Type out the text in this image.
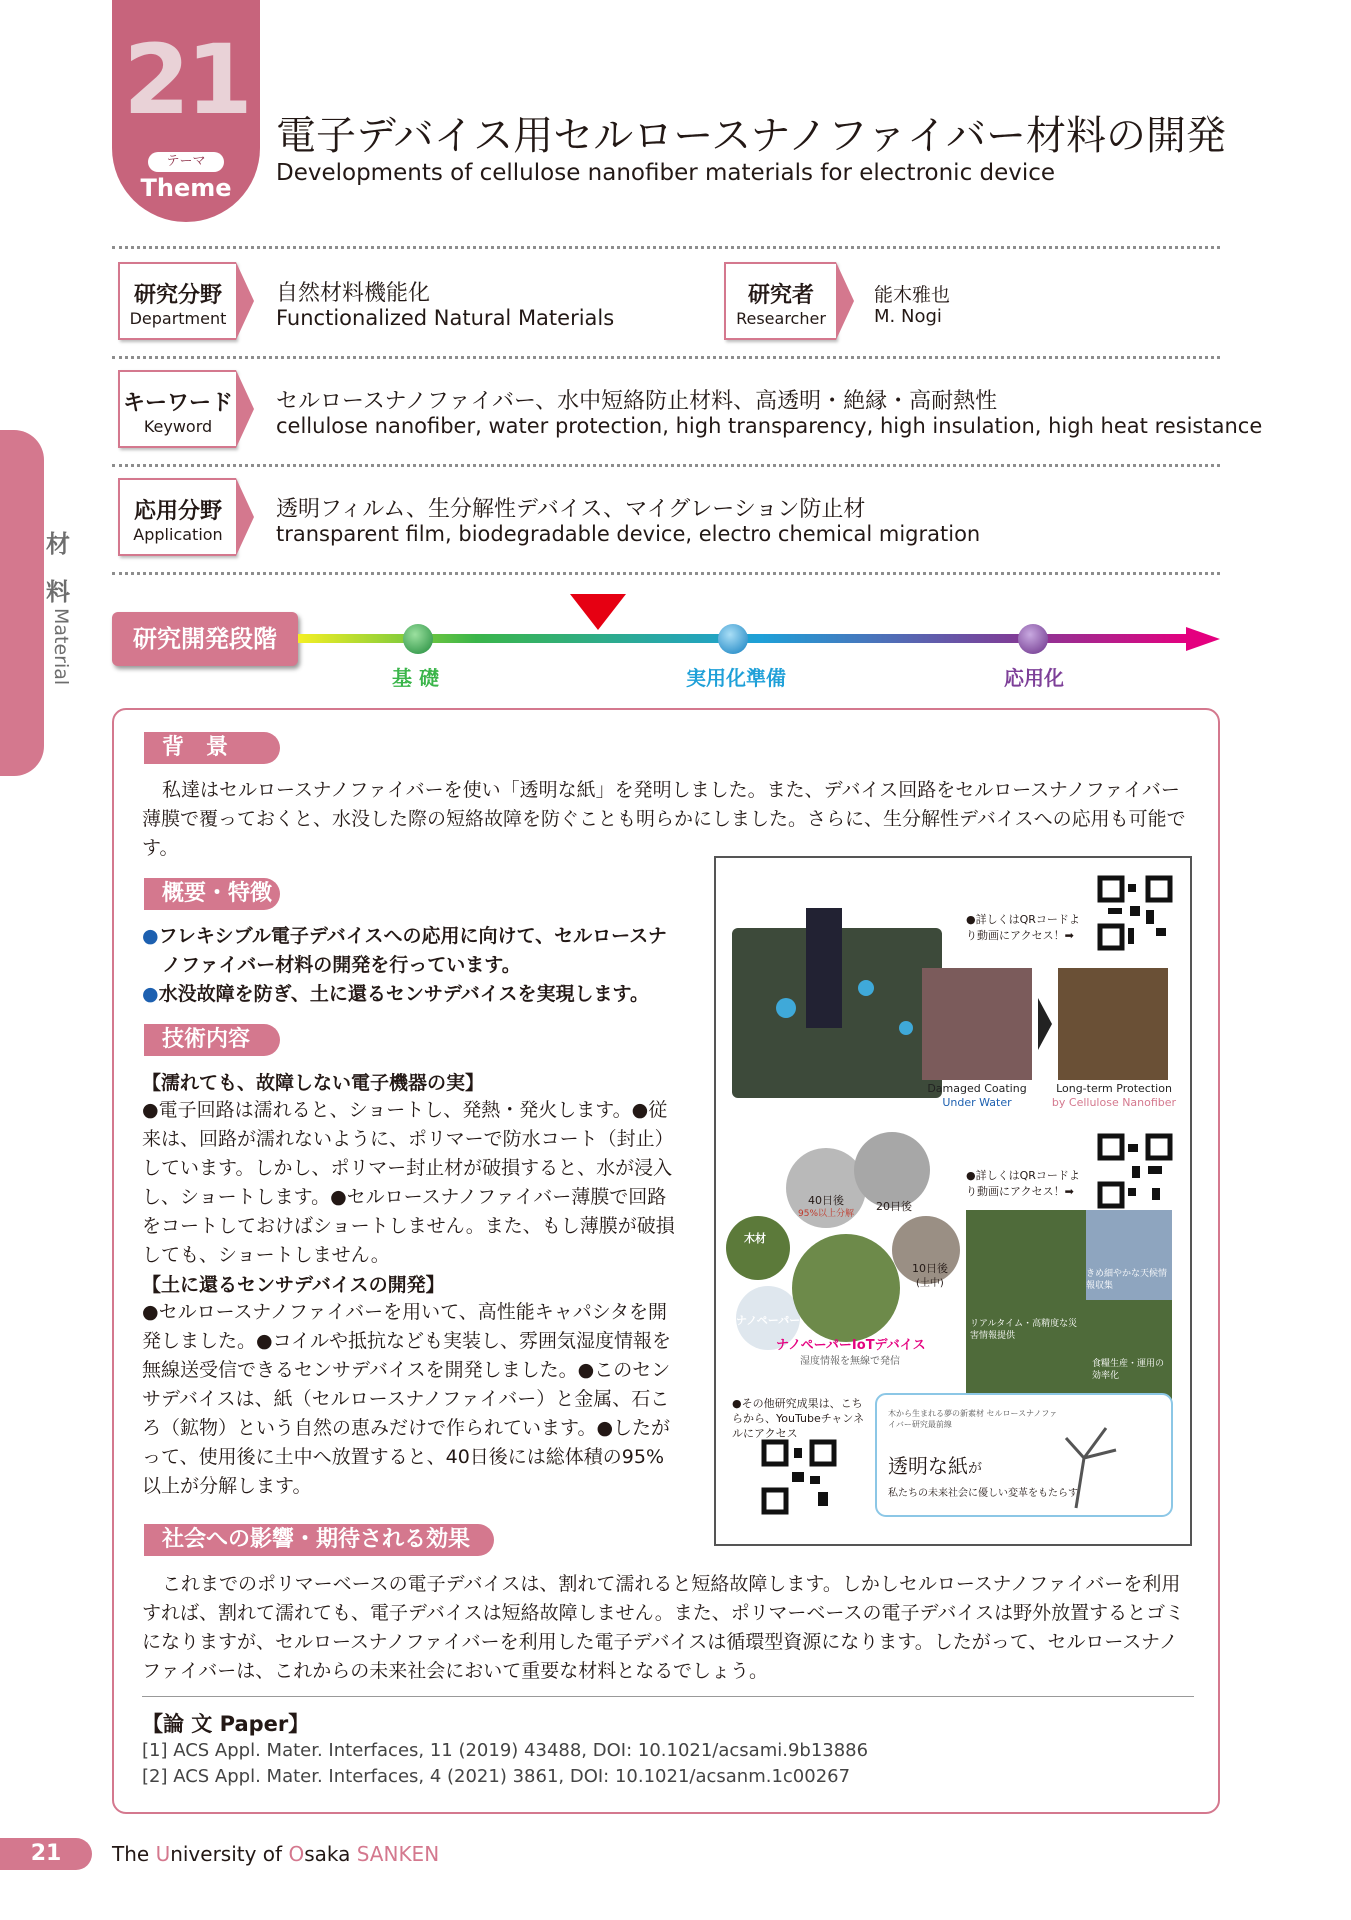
21
テーマ
Theme
電子デバイス用セルロースナノファイバー材料の開発
Developments of cellulose nanofiber materials for electronic device
研究分野
Department
自然材料機能化
Functionalized Natural Materials
研究者
Researcher
能木雅也
M. Nogi
キーワード
Keyword
セルロースナノファイバー、水中短絡防止材料、高透明・絶縁・高耐熱性
cellulose nanofiber, water protection, high transparency, high insulation, high heat resistance
応用分野
Application
透明フィルム、生分解性デバイス、マイグレーション防止材
transparent film, biodegradable device, electro chemical migration
材
料
Material	研究開発段階
基 礎	実用化準備	応用化
背　景
私達はセルロースナノファイバーを使い「透明な紙」を発明しました。また、デバイス回路をセルロースナノファイバー薄膜で覆っておくと、水没した際の短絡故障を防ぐことも明らかにしました。さらに、生分解性デバイスへの応用も可能です。
概要・特徴
●フレキシブル電子デバイスへの応用に向けて、セルロースナノファイバー材料の開発を行っています。
●水没故障を防ぎ、土に還るセンサデバイスを実現します。
技術内容
【濡れても、故障しない電子機器の実】
●電子回路は濡れると、ショートし、発熱・発火します。●従来は、回路が濡れないように、ポリマーで防水コート（封止）しています。しかし、ポリマー封止材が破損すると、水が浸入し、ショートします。●セルロースナノファイバー薄膜で回路をコートしておけばショートしません。また、もし薄膜が破損しても、ショートしません。
【土に還るセンサデバイスの開発】
●セルロースナノファイバーを用いて、高性能キャパシタを開発しました。●コイルや抵抗なども実装し、雰囲気湿度情報を無線送受信できるセンサデバイスを開発しました。●このセンサデバイスは、紙（セルロースナノファイバー）と金属、石ころ（鉱物）という自然の恵みだけで作られています。●したがって、使用後に土中へ放置すると、40日後には総体積の95%以上が分解します。
●詳しくはQRコードより動画にアクセス！➡
Damaged Coating
Under Water
Long-term Protection
by Cellulose Nanofiber
●詳しくはQRコードより動画にアクセス！➡
40日後
95%以上分解
20日後
10日後
(土中)
木材
ナノペーパー
ナノペーパーIoTデバイス
湿度情報を無線で発信
きめ細やかな天候情報収集
リアルタイム・高精度な災害情報提供
食糧生産・運用の効率化
●その他研究成果は、こちらから、YouTubeチャンネルにアクセス
木から生まれる夢の新素材 セルロースナノファイバー研究最前線
透明な紙が
私たちの未来社会に優しい変革をもたらす
社会への影響・期待される効果
これまでのポリマーベースの電子デバイスは、割れて濡れると短絡故障します。しかしセルロースナノファイバーを利用すれば、割れて濡れても、電子デバイスは短絡故障しません。また、ポリマーベースの電子デバイスは野外放置するとゴミになりますが、セルロースナノファイバーを利用した電子デバイスは循環型資源になります。したがって、セルロースナノファイバーは、これからの未来社会において重要な材料となるでしょう。
【論 文 Paper】
[1] ACS Appl. Mater. Interfaces, 11 (2019) 43488, DOI: 10.1021/acsami.9b13886
[2] ACS Appl. Mater. Interfaces, 4 (2021) 3861, DOI: 10.1021/acsanm.1c00267
21	The University of Osaka SANKEN
